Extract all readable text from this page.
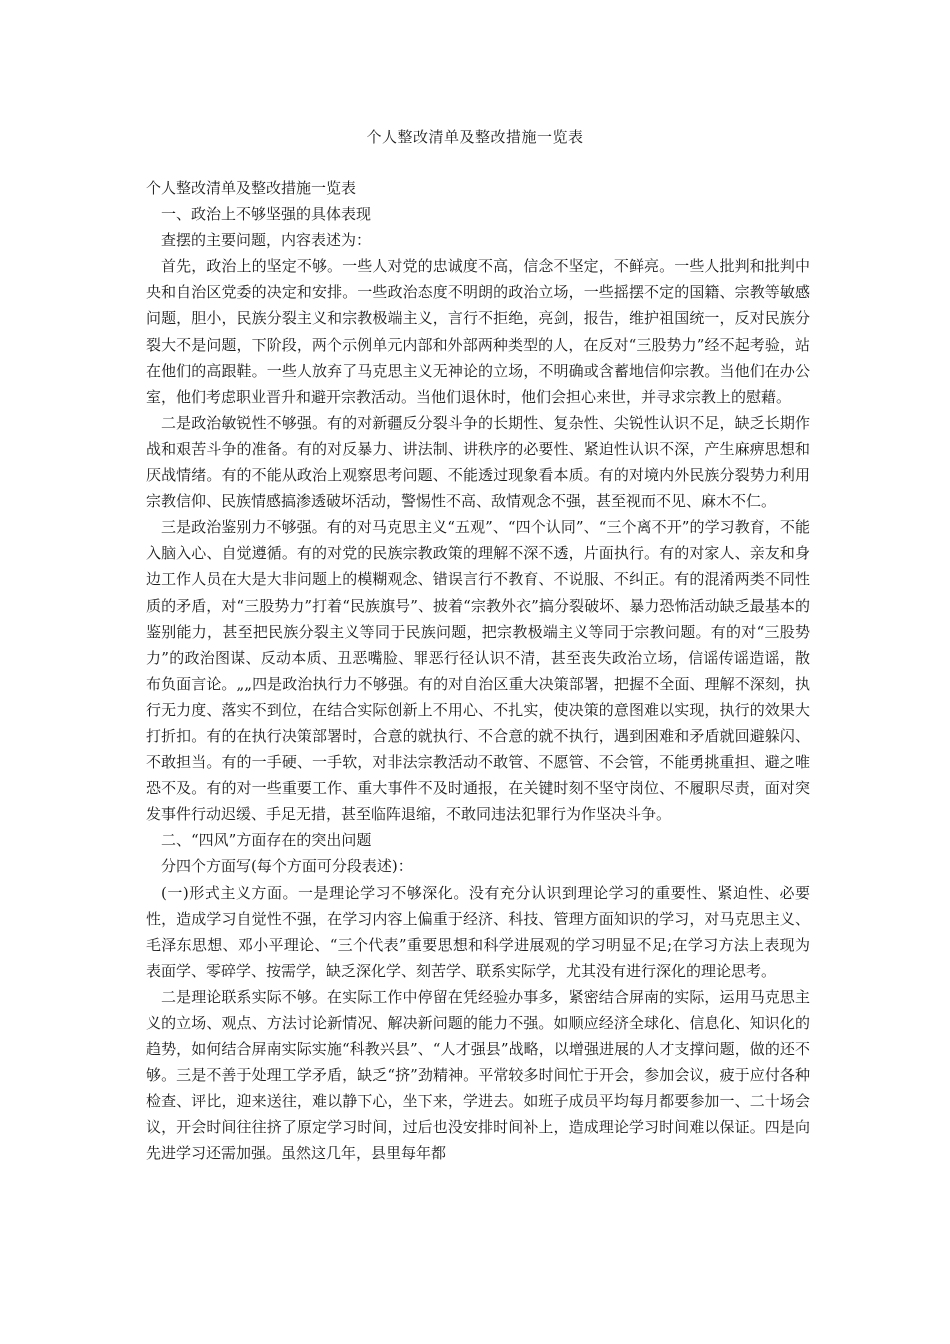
个人整改清单及整改措施一览表

个人整改清单及整改措施一览表

一、政治上不够坚强的具体表现

查摆的主要问题，内容表述为：

首先，政治上的坚定不够。一些人对党的忠诚度不高，信念不坚定，不鲜亮。一些人批判和批判中央和自治区党委的决定和安排。一些政治态度不明朗的政治立场，一些摇摆不定的国籍、宗教等敏感问题，胆小，民族分裂主义和宗教极端主义，言行不拒绝，亮剑，报告，维护祖国统一，反对民族分裂大不是问题，下阶段，两个示例单元内部和外部两种类型的人，在反对“三股势力”经不起考验，站在他们的高跟鞋。一些人放弃了马克思主义无神论的立场，不明确或含蓄地信仰宗教。当他们在办公室，他们考虑职业晋升和避开宗教活动。当他们退休时，他们会担心来世，并寻求宗教上的慰藉。

二是政治敏锐性不够强。有的对新疆反分裂斗争的长期性、复杂性、尖锐性认识不足，缺乏长期作战和艰苦斗争的准备。有的对反暴力、讲法制、讲秩序的必要性、紧迫性认识不深，产生麻痹思想和厌战情绪。有的不能从政治上观察思考问题、不能透过现象看本质。有的对境内外民族分裂势力利用宗教信仰、民族情感搞渗透破坏活动，警惕性不高、敌情观念不强，甚至视而不见、麻木不仁。

三是政治鉴别力不够强。有的对马克思主义“五观”、“四个认同”、“三个离不开”的学习教育，不能入脑入心、自觉遵循。有的对党的民族宗教政策的理解不深不透，片面执行。有的对家人、亲友和身边工作人员在大是大非问题上的模糊观念、错误言行不教育、不说服、不纠正。有的混淆两类不同性质的矛盾，对“三股势力”打着“民族旗号”、披着“宗教外衣”搞分裂破坏、暴力恐怖活动缺乏最基本的鉴别能力，甚至把民族分裂主义等同于民族问题，把宗教极端主义等同于宗教问题。有的对“三股势力”的政治图谋、反动本质、丑恶嘴脸、罪恶行径认识不清，甚至丧失政治立场，信谣传谣造谣，散布负面言论。„„四是政治执行力不够强。有的对自治区重大决策部署，把握不全面、理解不深刻，执行无力度、落实不到位，在结合实际创新上不用心、不扎实，使决策的意图难以实现，执行的效果大打折扣。有的在执行决策部署时，合意的就执行、不合意的就不执行，遇到困难和矛盾就回避躲闪、不敢担当。有的一手硬、一手软，对非法宗教活动不敢管、不愿管、不会管，不能勇挑重担、避之唯恐不及。有的对一些重要工作、重大事件不及时通报，在关键时刻不坚守岗位、不履职尽责，面对突发事件行动迟缓、手足无措，甚至临阵退缩，不敢同违法犯罪行为作坚决斗争。

二、“四风”方面存在的突出问题

分四个方面写(每个方面可分段表述)：

(一)形式主义方面。一是理论学习不够深化。没有充分认识到理论学习的重要性、紧迫性、必要性，造成学习自觉性不强，在学习内容上偏重于经济、科技、管理方面知识的学习，对马克思主义、毛泽东思想、邓小平理论、“三个代表”重要思想和科学进展观的学习明显不足;在学习方法上表现为表面学、零碎学、按需学，缺乏深化学、刻苦学、联系实际学，尤其没有进行深化的理论思考。

二是理论联系实际不够。在实际工作中停留在凭经验办事多，紧密结合屏南的实际，运用马克思主义的立场、观点、方法讨论新情况、解决新问题的能力不强。如顺应经济全球化、信息化、知识化的趋势，如何结合屏南实际实施“科教兴县”、“人才强县”战略，以增强进展的人才支撑问题，做的还不够。三是不善于处理工学矛盾，缺乏“挤”劲精神。平常较多时间忙于开会，参加会议，疲于应付各种检查、评比，迎来送往，难以静下心，坐下来，学进去。如班子成员平均每月都要参加一、二十场会议，开会时间往往挤了原定学习时间，过后也没安排时间补上，造成理论学习时间难以保证。四是向先进学习还需加强。虽然这几年，县里每年都
